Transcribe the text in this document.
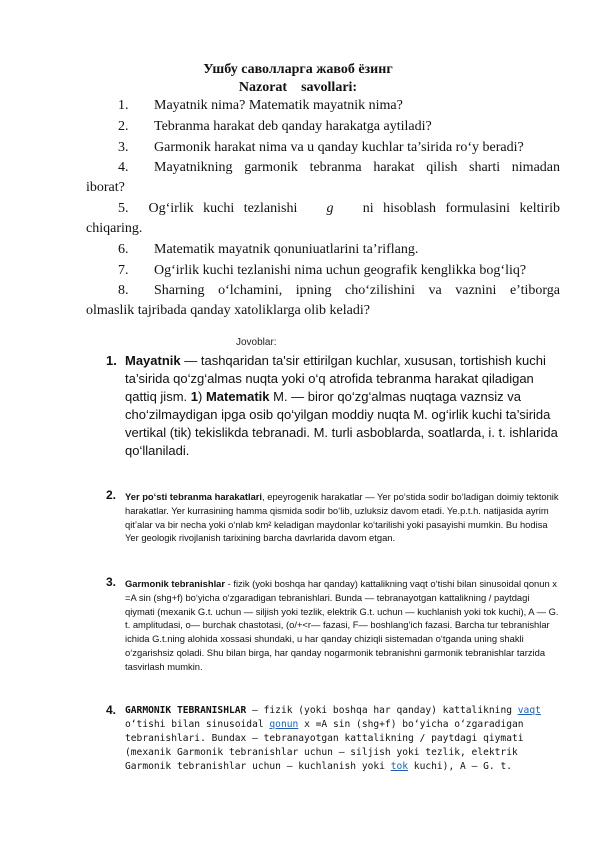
Ушбу саволларга жавоб ёзинг
Nazorat    savollari:
1. Mayatnik nima? Matematik mayatnik nima?
2. Tebranma harakat deb qanday harakatga aytiladi?
3. Garmonik harakat nima va u qanday kuchlar ta’sirida ro‘y beradi?
4.	Mayatnikning garmonik tebranma harakat qilish sharti nimadan
iborat?
5. Og‘irlik kuchi tezlanishi g ni hisoblash formulasini keltirib
chiqaring.
6. Matematik mayatnik qonuniuatlarini ta’riflang.
7. Og‘irlik kuchi tezlanishi nima uchun geografik kenglikka bog‘liq?
8.	Sharning o‘lchamini, ipning cho‘zilishini va vaznini e’tiborga
olmaslik tajribada qanday xatoliklarga olib keladi?
Jovoblar:
1. Mayatnik — tashqaridan ta'sir ettirilgan kuchlar, xususan, tortishish kuchi ta’sirida qo‘zg‘almas nuqta yoki o‘q atrofida tebranma harakat qiladigan qattiq jism. 1) Matematik M. — biror qo‘zg‘almas nuqtaga vaznsiz va cho‘zilmaydigan ipga osib qo‘yilgan moddiy nuqta M. og‘irlik kuchi ta’sirida vertikal (tik) tekislikda tebranadi. M. turli asboblarda, soatlarda, i. t. ishlarida qo‘llaniladi.
2. Yer po‘sti tebranma harakatlari, epeyrogenik harakatlar — Yer po‘stida sodir bo‘ladigan doimiy tektonik harakatlar. Yer kurrasining hamma qismida sodir bo‘lib, uzluksiz davom etadi. Ye.p.t.h. natijasida ayrim qit’alar va bir necha yoki o‘nlab km² keladigan maydonlar ko‘tarilishi yoki pasayishi mumkin. Bu hodisa Yer geologik rivojlanish tarixining barcha davrlarida davom etgan.
3. Garmonik tebranishlar - fizik (yoki boshqa har qanday) kattalikning vaqt o‘tishi bilan sinusoidal qonun x =A sin (shg+f) bo‘yicha o‘zgaradigan tebranishlari. Bunda — tebranayotgan kattalikning / paytdagi qiymati (mexanik G.t. uchun — siljish yoki tezlik, elektrik G.t. uchun — kuchlanish yoki tok kuchi), A — G. t. amplitudasi, o— burchak chastotasi, (o/+<r— fazasi, F— boshlang‘ich fazasi. Barcha tur tebranishlar ichida G.t.ning alohida xossasi shundaki, u har qanday chiziqli sistemadan o‘tganda uning shakli o‘zgarishsiz qoladi. Shu bilan birga, har qanday nogarmonik tebranishni garmonik tebranishlar tarzida tasvirlash mumkin.
4. GARMONIK TEBRANISHLAR — fizik (yoki boshqa har qanday) kattalikning vaqt o‘tishi bilan sinusoidal qonun x =A sin (shg+f) bo‘yicha o‘zgaradigan tebranishlari. Bundax — tebranayotgan kattalikning / paytdagi qiymati (mexanik Garmonik tebranishlar uchun — siljish yoki tezlik, elektrik Garmonik tebranishlar uchun — kuchlanish yoki tok kuchi), A — G. t.
